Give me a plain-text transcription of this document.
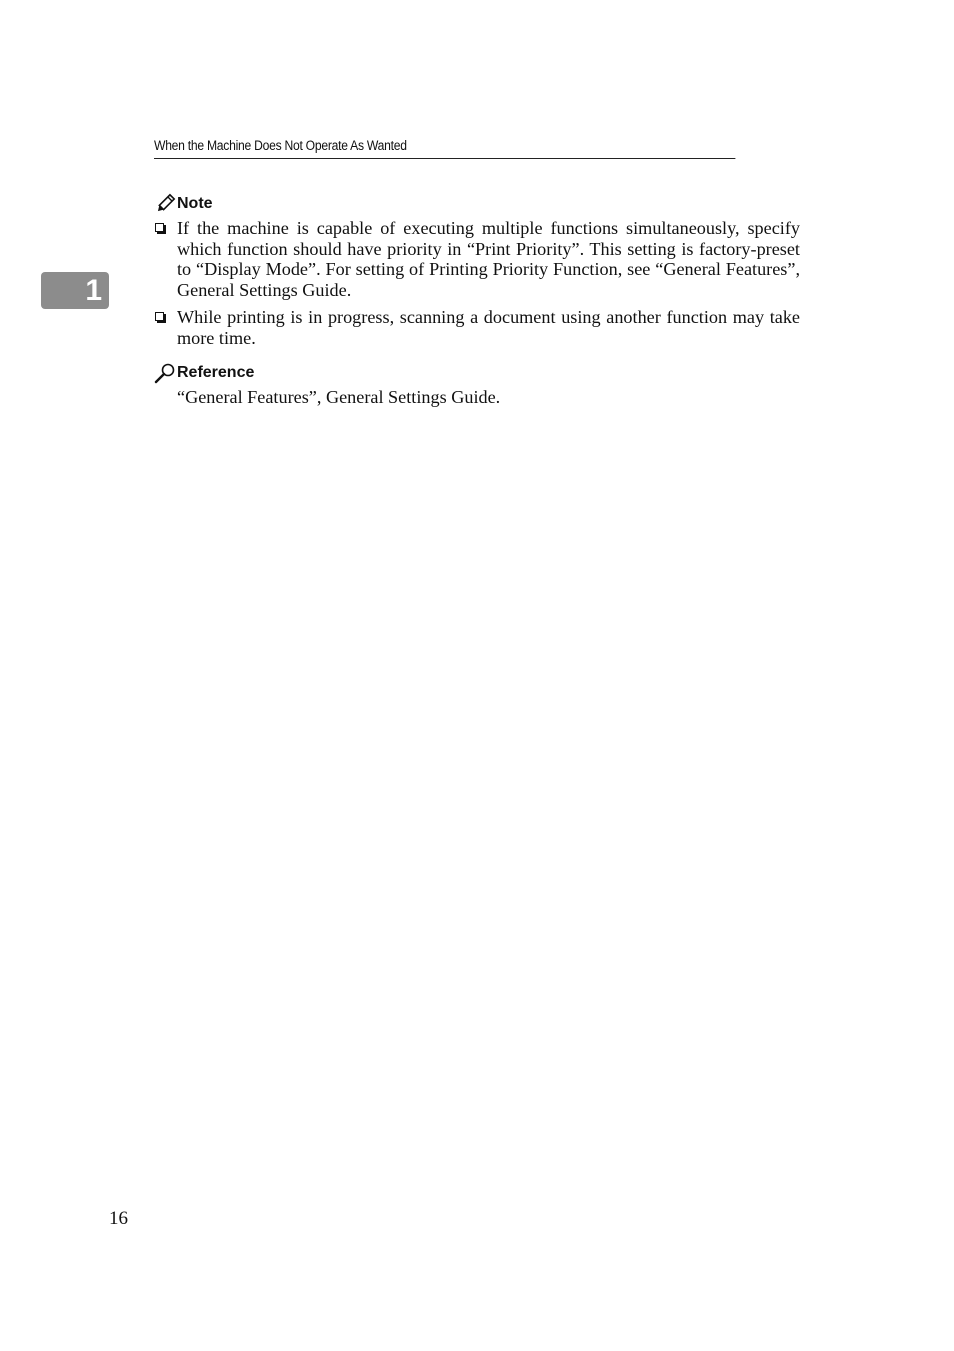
When the Machine Does Not Operate As Wanted
1
Note
If the machine is capable of executing multiple functions simultaneously, specify which function should have priority in “Print Priority”. This setting is factory-preset to “Display Mode”. For setting of Printing Priority Function, see “General Features”, General Settings Guide.
While printing is in progress, scanning a document using another function may take more time.
Reference
“General Features”, General Settings Guide.
16
